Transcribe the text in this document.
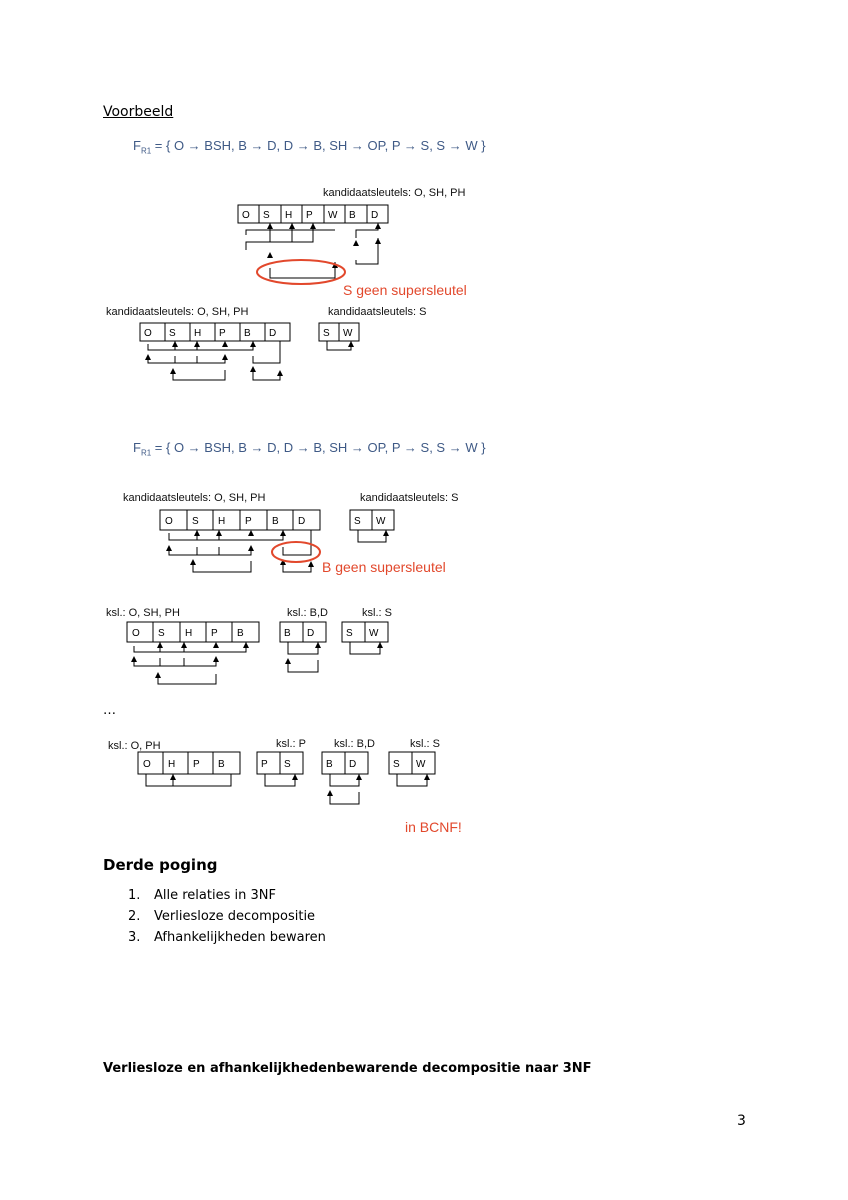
Voorbeeld
$F_{R1}$ = { O → BSH, B → D, D → B, SH → OP, P → S, S → W }
kandidaatsleutels: O, SH, PH
O S H P W B D
S geen supersleutel
kandidaatsleutels: O, SH, PH	kandidaatsleutels: S
O S H P B D	S W
$F_{R1}$ = { O → BSH, B → D, D → B, SH → OP, P → S, S → W }
kandidaatsleutels: O, SH, PH	kandidaatsleutels: S
O S H P B D	S W
B geen supersleutel
ksl.: O, SH, PH	ksl.: B,D	ksl.: S
O S H P B	B D	S W
…
ksl.: O, PH	ksl.: P	ksl.: B,D	ksl.: S
O H P B	P S	B D	S W
in BCNF!
Derde poging
1. Alle relaties in 3NF
2. Verliesloze decompositie
3. Afhankelijkheden bewaren
Verliesloze en afhankelijkhedenbewarende decompositie naar 3NF
3
